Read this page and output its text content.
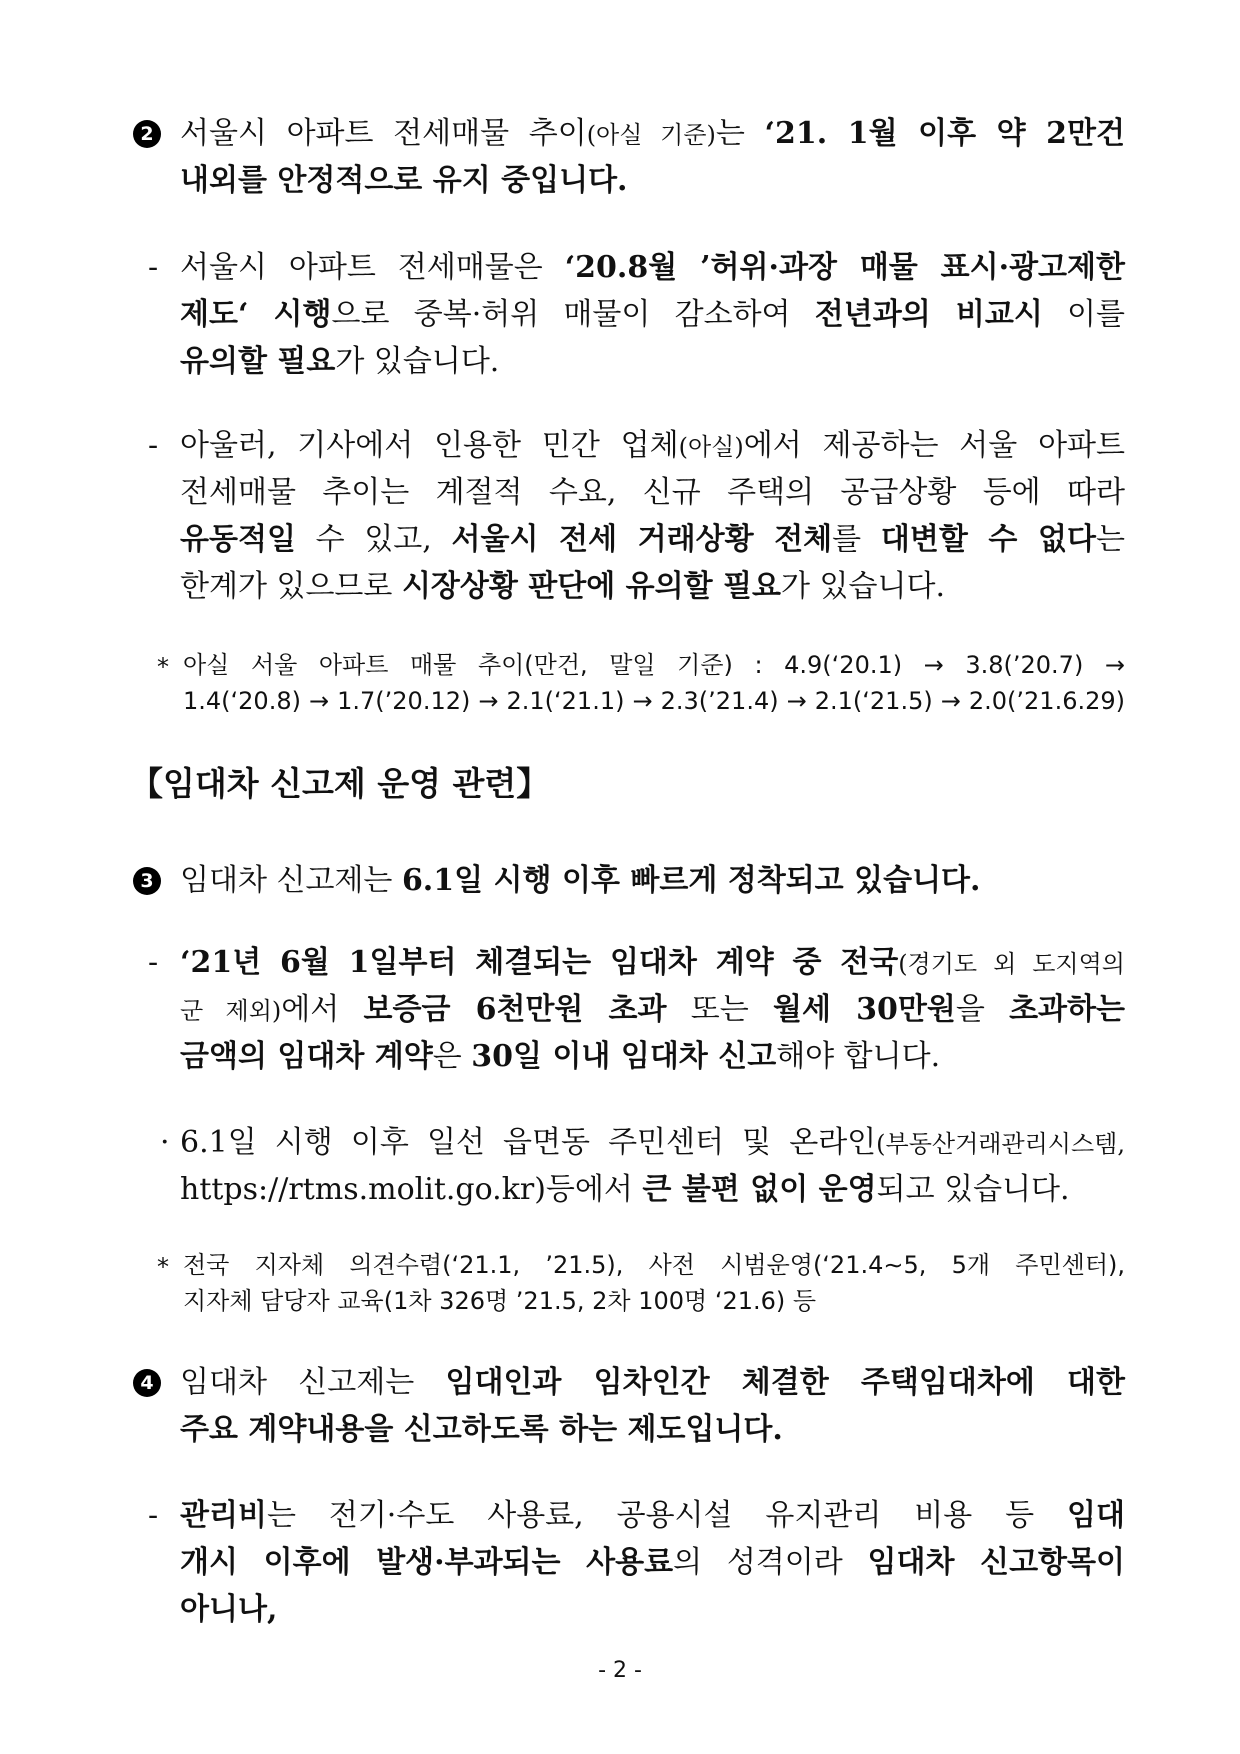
2 서울시 아파트 전세매물 추이(아실 기준)는 ‘21. 1월 이후 약 2만건
내외를 안정적으로 유지 중입니다.
- 서울시 아파트 전세매물은 ‘20.8월 ’허위·과장 매물 표시·광고제한
제도‘ 시행으로 중복·허위 매물이 감소하여 전년과의 비교시 이를
유의할 필요가 있습니다.
- 아울러, 기사에서 인용한 민간 업체(아실)에서 제공하는 서울 아파트
전세매물 추이는 계절적 수요, 신규 주택의 공급상황 등에 따라
유동적일 수 있고, 서울시 전세 거래상황 전체를 대변할 수 없다는
한계가 있으므로 시장상황 판단에 유의할 필요가 있습니다.
* 아실 서울 아파트 매물 추이(만건, 말일 기준) : 4.9(‘20.1) → 3.8(’20.7) →
1.4(‘20.8) → 1.7(’20.12) → 2.1(‘21.1) → 2.3(’21.4) → 2.1(‘21.5) → 2.0(’21.6.29)
【임대차 신고제 운영 관련】
3 임대차 신고제는 6.1일 시행 이후 빠르게 정착되고 있습니다.
- ‘21년 6월 1일부터 체결되는 임대차 계약 중 전국(경기도 외 도지역의
군 제외)에서 보증금 6천만원 초과 또는 월세 30만원을 초과하는
금액의 임대차 계약은 30일 이내 임대차 신고해야 합니다.
· 6.1일 시행 이후 일선 읍면동 주민센터 및 온라인(부동산거래관리시스템,
https://rtms.molit.go.kr)등에서 큰 불편 없이 운영되고 있습니다.
* 전국 지자체 의견수렴(‘21.1, ’21.5), 사전 시범운영(‘21.4∼5, 5개 주민센터),
지자체 담당자 교육(1차 326명 ’21.5, 2차 100명 ‘21.6) 등
4 임대차 신고제는 임대인과 임차인간 체결한 주택임대차에 대한
주요 계약내용을 신고하도록 하는 제도입니다.
- 관리비는 전기·수도 사용료, 공용시설 유지관리 비용 등 임대
개시 이후에 발생·부과되는 사용료의 성격이라 임대차 신고항목이
아니나,
- 2 -
